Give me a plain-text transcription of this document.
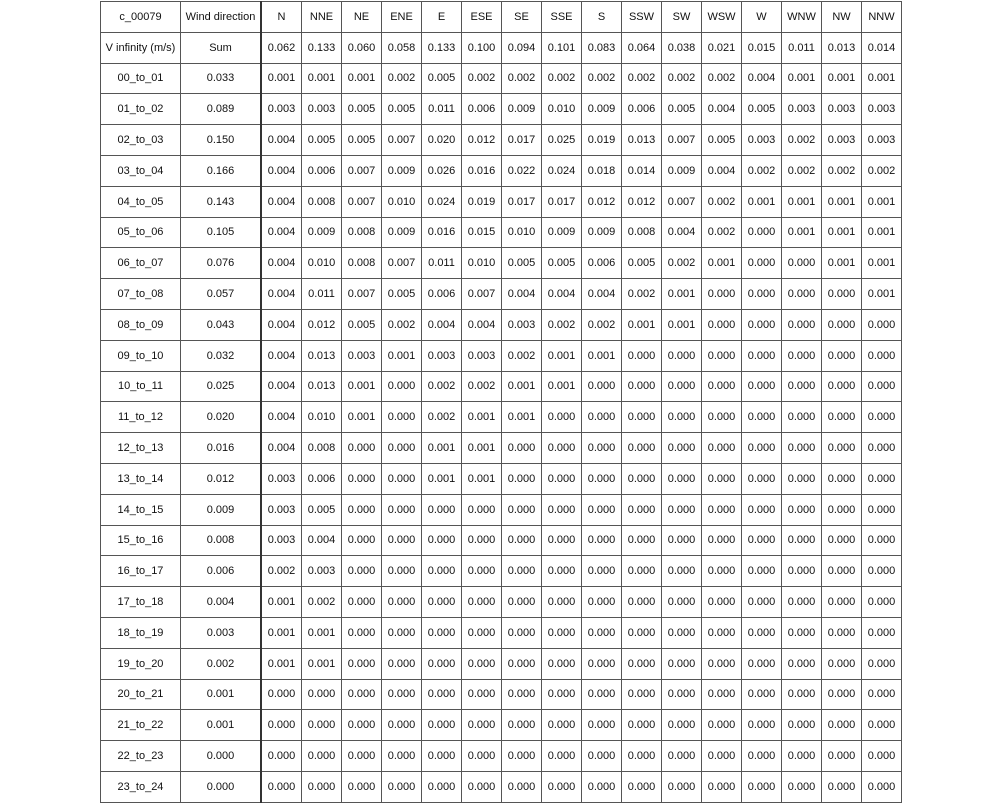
c_00079	Wind direction	N	NNE	NE	ENE	E	ESE	SE	SSE	S	SSW	SW	WSW	W	WNW	NW	NNW
V infinity (m/s)	Sum	0.062	0.133	0.060	0.058	0.133	0.100	0.094	0.101	0.083	0.064	0.038	0.021	0.015	0.011	0.013	0.014
00_to_01	0.033	0.001	0.001	0.001	0.002	0.005	0.002	0.002	0.002	0.002	0.002	0.002	0.002	0.004	0.001	0.001	0.001
01_to_02	0.089	0.003	0.003	0.005	0.005	0.011	0.006	0.009	0.010	0.009	0.006	0.005	0.004	0.005	0.003	0.003	0.003
02_to_03	0.150	0.004	0.005	0.005	0.007	0.020	0.012	0.017	0.025	0.019	0.013	0.007	0.005	0.003	0.002	0.003	0.003
03_to_04	0.166	0.004	0.006	0.007	0.009	0.026	0.016	0.022	0.024	0.018	0.014	0.009	0.004	0.002	0.002	0.002	0.002
04_to_05	0.143	0.004	0.008	0.007	0.010	0.024	0.019	0.017	0.017	0.012	0.012	0.007	0.002	0.001	0.001	0.001	0.001
05_to_06	0.105	0.004	0.009	0.008	0.009	0.016	0.015	0.010	0.009	0.009	0.008	0.004	0.002	0.000	0.001	0.001	0.001
06_to_07	0.076	0.004	0.010	0.008	0.007	0.011	0.010	0.005	0.005	0.006	0.005	0.002	0.001	0.000	0.000	0.001	0.001
07_to_08	0.057	0.004	0.011	0.007	0.005	0.006	0.007	0.004	0.004	0.004	0.002	0.001	0.000	0.000	0.000	0.000	0.001
08_to_09	0.043	0.004	0.012	0.005	0.002	0.004	0.004	0.003	0.002	0.002	0.001	0.001	0.000	0.000	0.000	0.000	0.000
09_to_10	0.032	0.004	0.013	0.003	0.001	0.003	0.003	0.002	0.001	0.001	0.000	0.000	0.000	0.000	0.000	0.000	0.000
10_to_11	0.025	0.004	0.013	0.001	0.000	0.002	0.002	0.001	0.001	0.000	0.000	0.000	0.000	0.000	0.000	0.000	0.000
11_to_12	0.020	0.004	0.010	0.001	0.000	0.002	0.001	0.001	0.000	0.000	0.000	0.000	0.000	0.000	0.000	0.000	0.000
12_to_13	0.016	0.004	0.008	0.000	0.000	0.001	0.001	0.000	0.000	0.000	0.000	0.000	0.000	0.000	0.000	0.000	0.000
13_to_14	0.012	0.003	0.006	0.000	0.000	0.001	0.001	0.000	0.000	0.000	0.000	0.000	0.000	0.000	0.000	0.000	0.000
14_to_15	0.009	0.003	0.005	0.000	0.000	0.000	0.000	0.000	0.000	0.000	0.000	0.000	0.000	0.000	0.000	0.000	0.000
15_to_16	0.008	0.003	0.004	0.000	0.000	0.000	0.000	0.000	0.000	0.000	0.000	0.000	0.000	0.000	0.000	0.000	0.000
16_to_17	0.006	0.002	0.003	0.000	0.000	0.000	0.000	0.000	0.000	0.000	0.000	0.000	0.000	0.000	0.000	0.000	0.000
17_to_18	0.004	0.001	0.002	0.000	0.000	0.000	0.000	0.000	0.000	0.000	0.000	0.000	0.000	0.000	0.000	0.000	0.000
18_to_19	0.003	0.001	0.001	0.000	0.000	0.000	0.000	0.000	0.000	0.000	0.000	0.000	0.000	0.000	0.000	0.000	0.000
19_to_20	0.002	0.001	0.001	0.000	0.000	0.000	0.000	0.000	0.000	0.000	0.000	0.000	0.000	0.000	0.000	0.000	0.000
20_to_21	0.001	0.000	0.000	0.000	0.000	0.000	0.000	0.000	0.000	0.000	0.000	0.000	0.000	0.000	0.000	0.000	0.000
21_to_22	0.001	0.000	0.000	0.000	0.000	0.000	0.000	0.000	0.000	0.000	0.000	0.000	0.000	0.000	0.000	0.000	0.000
22_to_23	0.000	0.000	0.000	0.000	0.000	0.000	0.000	0.000	0.000	0.000	0.000	0.000	0.000	0.000	0.000	0.000	0.000
23_to_24	0.000	0.000	0.000	0.000	0.000	0.000	0.000	0.000	0.000	0.000	0.000	0.000	0.000	0.000	0.000	0.000	0.000
